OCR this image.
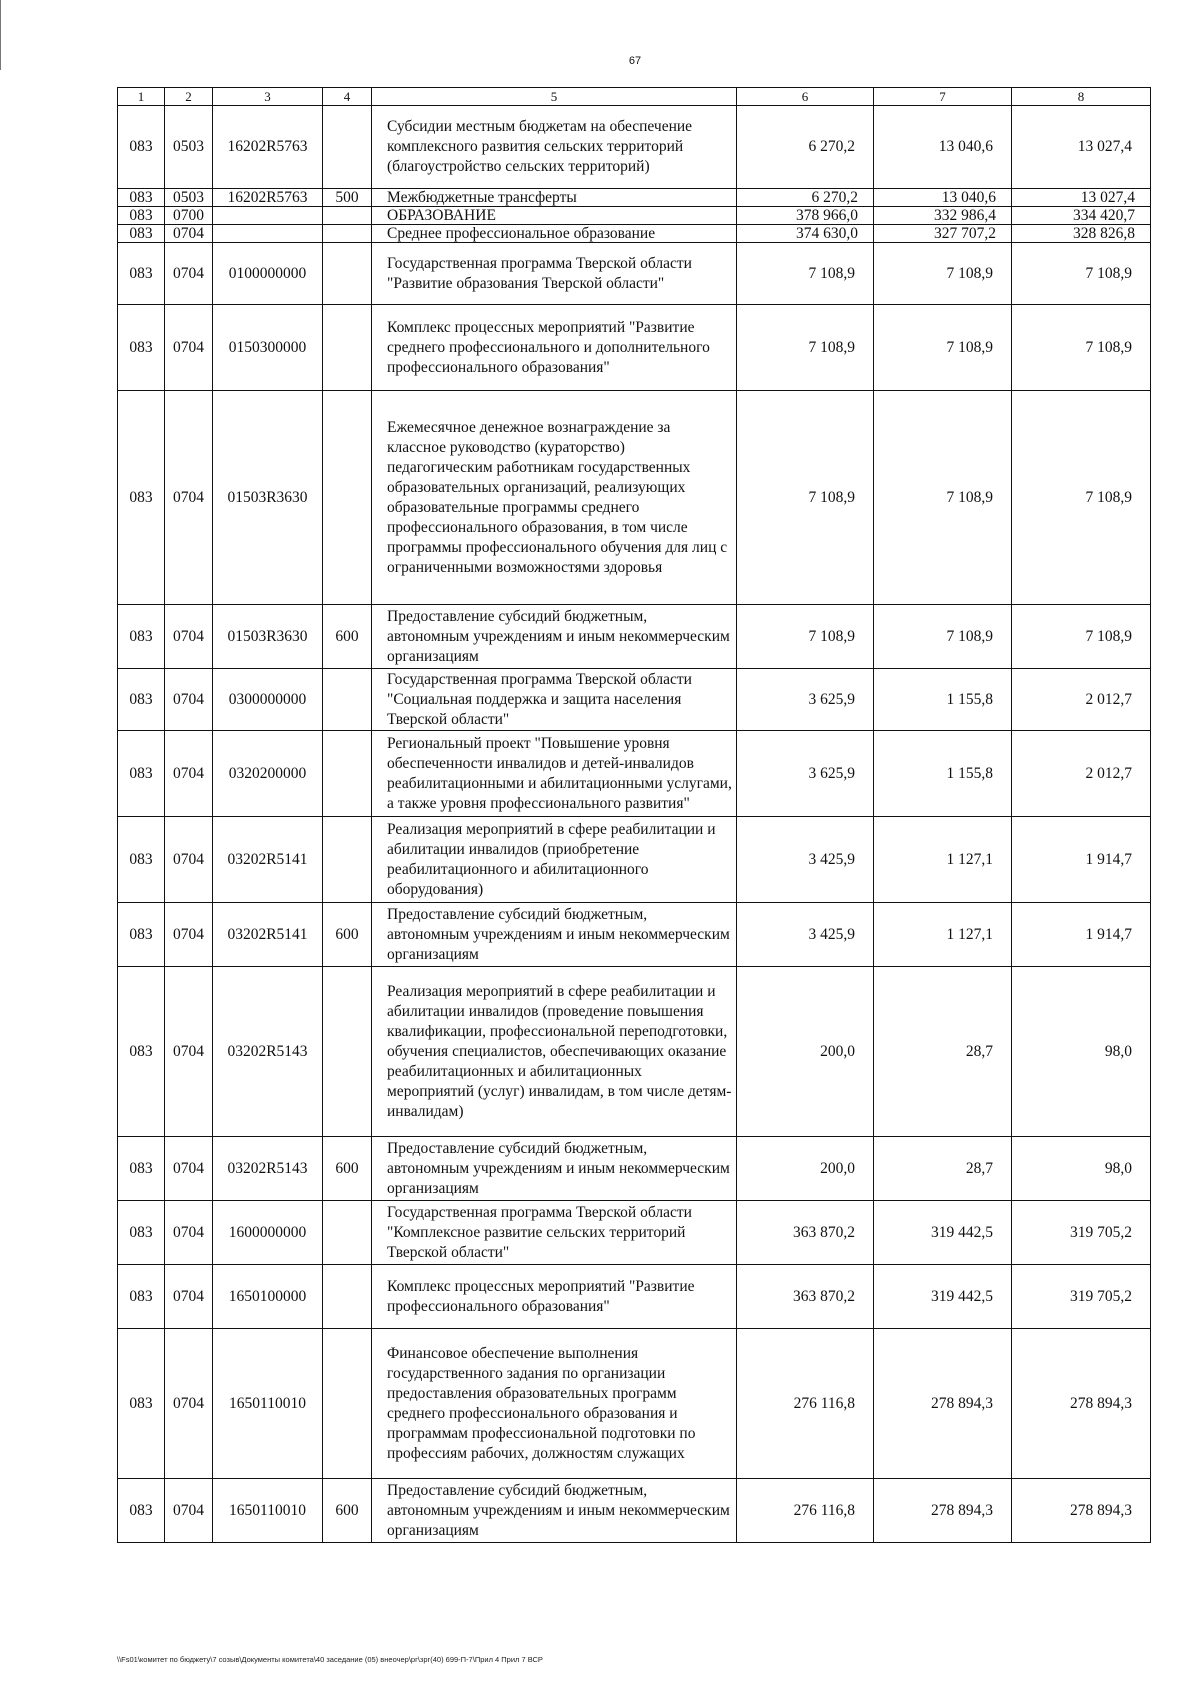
67
1	2	3	4	5	6	7	8
083	0503	16202R5763		Субсидии местным бюджетам на обеспечение комплексного развития сельских территорий (благоустройство сельских территорий)	6 270,2	13 040,6	13 027,4
083	0503	16202R5763	500	Межбюджетные трансферты	6 270,2	13 040,6	13 027,4
083	0700			ОБРАЗОВАНИЕ	378 966,0	332 986,4	334 420,7
083	0704			Среднее профессиональное образование	374 630,0	327 707,2	328 826,8
083	0704	0100000000		Государственная программа Тверской области "Развитие образования Тверской области"	7 108,9	7 108,9	7 108,9
083	0704	0150300000		Комплекс процессных мероприятий "Развитие среднего профессионального и дополнительного профессионального образования"	7 108,9	7 108,9	7 108,9
083	0704	01503R3630		Ежемесячное денежное вознаграждение за классное руководство (кураторство) педагогическим работникам государственных образовательных организаций, реализующих образовательные программы среднего профессионального образования, в том числе программы профессионального обучения для лиц с ограниченными возможностями здоровья	7 108,9	7 108,9	7 108,9
083	0704	01503R3630	600	Предоставление субсидий бюджетным, автономным учреждениям и иным некоммерческим организациям	7 108,9	7 108,9	7 108,9
083	0704	0300000000		Государственная программа Тверской области "Социальная поддержка и защита населения Тверской области"	3 625,9	1 155,8	2 012,7
083	0704	0320200000		Региональный проект "Повышение уровня обеспеченности инвалидов и детей-инвалидов реабилитационными и абилитационными услугами, а также уровня профессионального развития"	3 625,9	1 155,8	2 012,7
083	0704	03202R5141		Реализация мероприятий в сфере реабилитации и абилитации инвалидов (приобретение реабилитационного и абилитационного оборудования)	3 425,9	1 127,1	1 914,7
083	0704	03202R5141	600	Предоставление субсидий бюджетным, автономным учреждениям и иным некоммерческим организациям	3 425,9	1 127,1	1 914,7
083	0704	03202R5143		Реализация мероприятий в сфере реабилитации и абилитации инвалидов (проведение повышения квалификации, профессиональной переподготовки, обучения специалистов, обеспечивающих оказание реабилитационных и абилитационных мероприятий (услуг) инвалидам, в том числе детям-инвалидам)	200,0	28,7	98,0
083	0704	03202R5143	600	Предоставление субсидий бюджетным, автономным учреждениям и иным некоммерческим организациям	200,0	28,7	98,0
083	0704	1600000000		Государственная программа Тверской области "Комплексное развитие сельских территорий Тверской области"	363 870,2	319 442,5	319 705,2
083	0704	1650100000		Комплекс процессных мероприятий "Развитие профессионального образования"	363 870,2	319 442,5	319 705,2
083	0704	1650110010		Финансовое обеспечение выполнения государственного задания по организации предоставления образовательных программ среднего профессионального образования и программам профессиональной подготовки по профессиям рабочих, должностям служащих	276 116,8	278 894,3	278 894,3
083	0704	1650110010	600	Предоставление субсидий бюджетным, автономным учреждениям и иным некоммерческим организациям	276 116,8	278 894,3	278 894,3
\\Fs01\комитет по бюджету\7 созыв\Документы комитета\40 заседание (05) внеочер\рг\зрг(40) 699-П-7\Прил 4 Прил 7 ВСР
